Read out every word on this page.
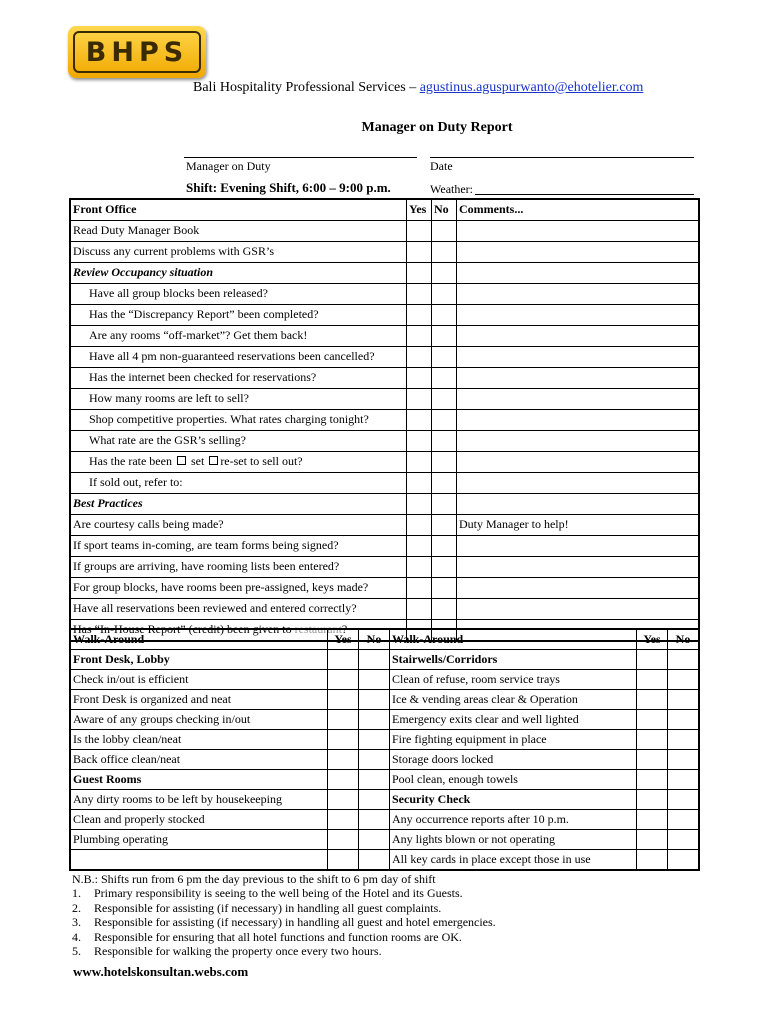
BHPS
Bali Hospitality Professional Services – agustinus.aguspurwanto@ehotelier.com
Manager on Duty Report
Manager on Duty	Date
Shift: Evening Shift, 6:00 – 9:00 p.m.	Weather:
Front Office	Yes	No	Comments...
Read Duty Manager Book			
Discuss any current problems with GSR’s			
Review Occupancy situation			
Have all group blocks been released?			
Has the “Discrepancy Report” been completed?			
Are any rooms “off-market”? Get them back!			
Have all 4 pm non-guaranteed reservations been cancelled?			
Has the internet been checked for reservations?			
How many rooms are left to sell?			
Shop competitive properties. What rates charging tonight?			
What rate are the GSR’s selling?			
Has the rate been  set re-set to sell out?			
If sold out, refer to:			
Best Practices			
Are courtesy calls being made?			Duty Manager to help!
If sport teams in-coming, are team forms being signed?			
If groups are arriving, have rooming lists been entered?			
For group blocks, have rooms been pre-assigned, keys made?			
Have all reservations been reviewed and entered correctly?			
Has “In-House Report” (credit) been given to restaurant?			
Walk-Around	Yes	No	Walk-Around	Yes	No
Front Desk, Lobby			Stairwells/Corridors		
Check in/out is efficient			Clean of refuse, room service trays		
Front Desk is organized and neat			Ice & vending areas clear & Operation		
Aware of any groups checking in/out			Emergency exits clear and well lighted		
Is the lobby clean/neat			Fire fighting equipment in place		
Back office clean/neat			Storage doors locked		
Guest Rooms			Pool clean, enough towels		
Any dirty rooms to be left by housekeeping			Security Check		
Clean and properly stocked			Any occurrence reports after 10 p.m.		
Plumbing operating			Any lights blown or not operating		
			All key cards in place except those in use		
N.B.: Shifts run from 6 pm the day previous to the shift to 6 pm day of shift
1. Primary responsibility is seeing to the well being of the Hotel and its Guests.
2. Responsible for assisting (if necessary) in handling all guest complaints.
3. Responsible for assisting (if necessary) in handling all guest and hotel emergencies.
4. Responsible for ensuring that all hotel functions and function rooms are OK.
5. Responsible for walking the property once every two hours.
www.hotelskonsultan.webs.com
